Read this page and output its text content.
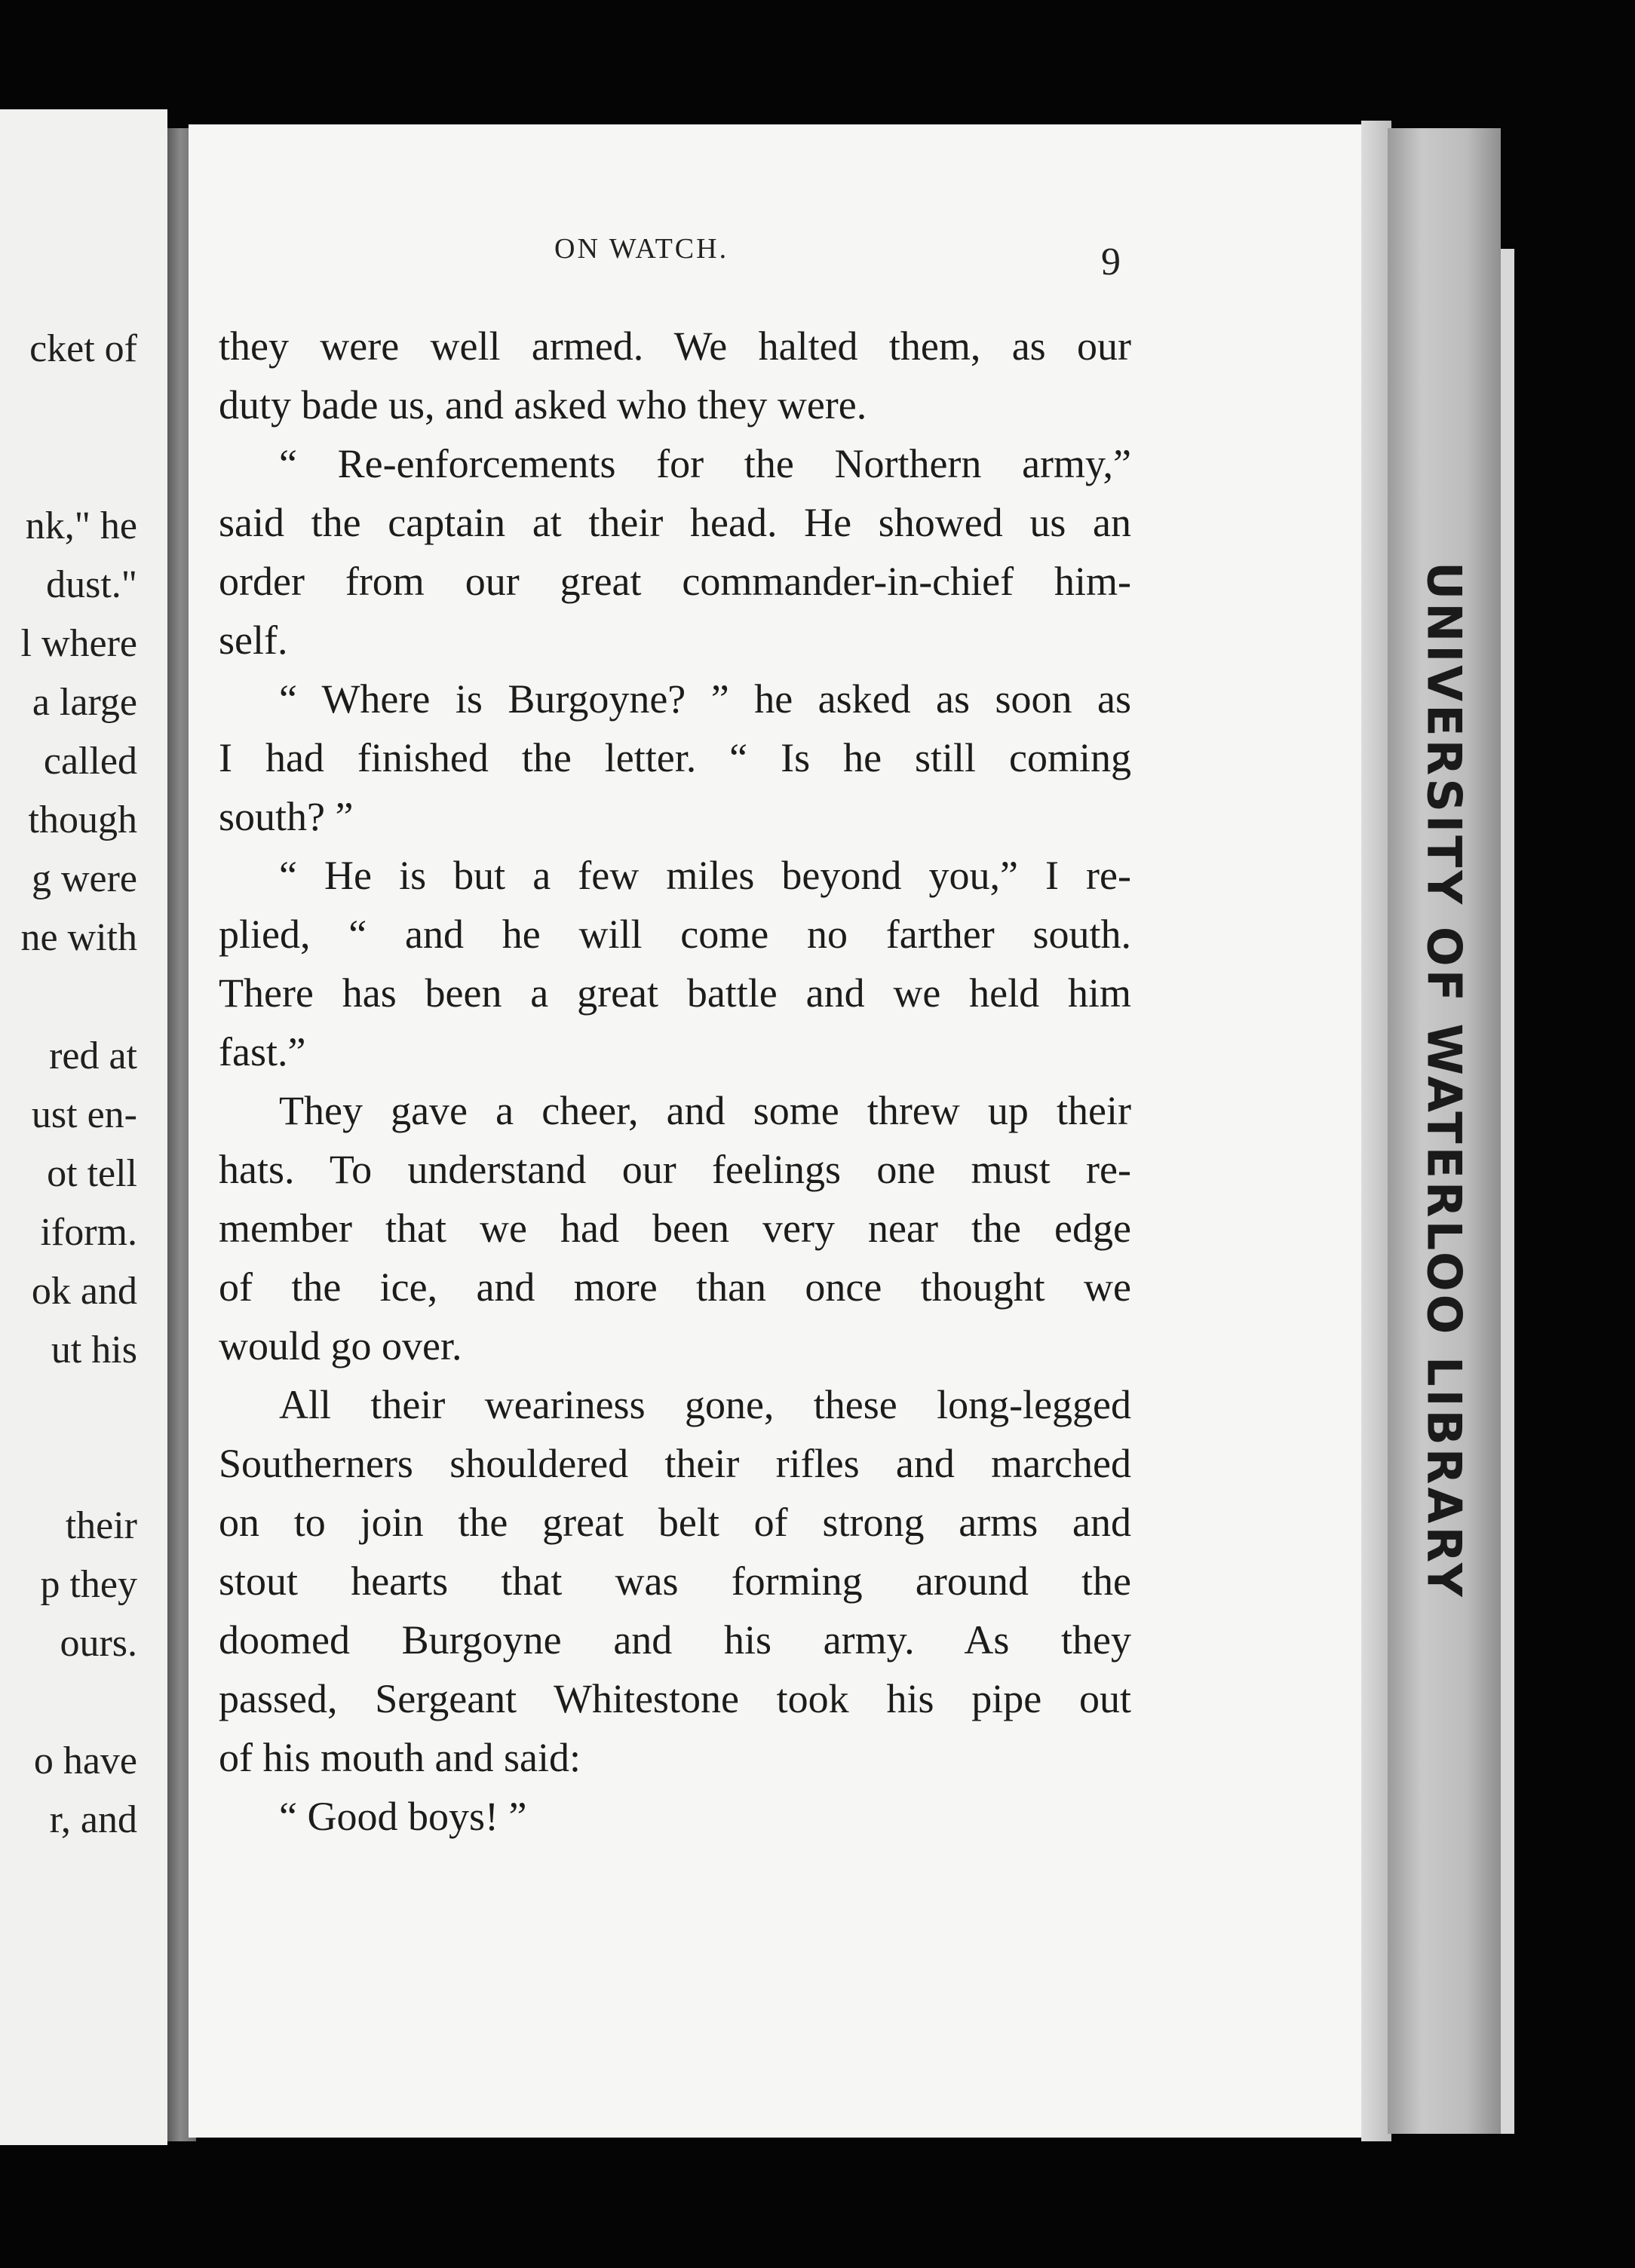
cket of
nk," he
dust."
l where
a large
called
though
g were
ne with
red at
ust en-
ot tell
iform.
ok and
ut his
their
p they
ours.
o have
r, and
ON WATCH.	9
they were well armed. We halted them, as our
duty bade us, and asked who they were.
“ Re-enforcements for the Northern army,”
said the captain at their head. He showed us an
order from our great commander-in-chief him-
self.
“ Where is Burgoyne? ” he asked as soon as
I had finished the letter. “ Is he still coming
south? ”
“ He is but a few miles beyond you,” I re-
plied, “ and he will come no farther south.
There has been a great battle and we held him
fast.”
They gave a cheer, and some threw up their
hats. To understand our feelings one must re-
member that we had been very near the edge
of the ice, and more than once thought we
would go over.
All their weariness gone, these long-legged
Southerners shouldered their rifles and marched
on to join the great belt of strong arms and
stout hearts that was forming around the
doomed Burgoyne and his army. As they
passed, Sergeant Whitestone took his pipe out
of his mouth and said:
“ Good boys! ”
UNIVERSITY OF WATERLOO LIBRARY
